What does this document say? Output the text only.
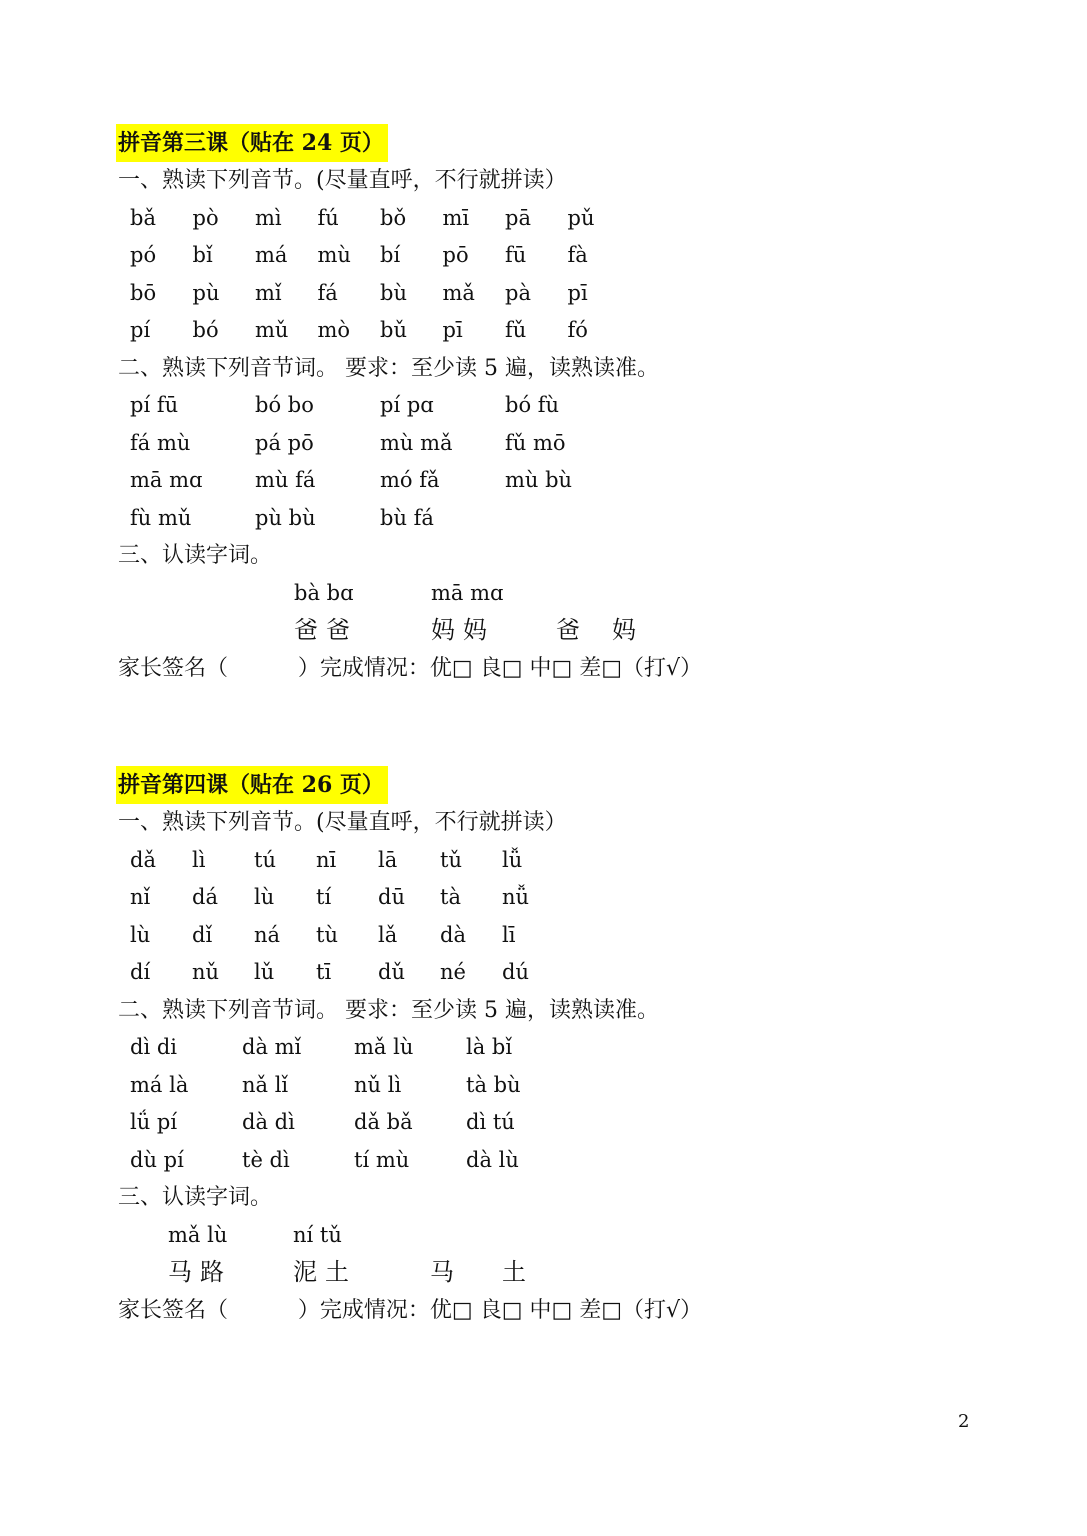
拼音第三课（贴在 24 页）
一、熟读下列音节。(尽量直呼，不行就拼读）
bǎ	pò	mì	fú	bǒ	mī	pā	pǔ
pó	bǐ	má	mù	bí	pō	fū	fà
bō	pù	mǐ	fá	bù	mǎ	pà	pī
pí	bó	mǔ	mò	bǔ	pī	fǔ	fó
二、熟读下列音节词。 要求：至少读 5 遍，读熟读准。
pí fū	bó bo	pí pɑ	bó fù
fá mù	pá pō	mù mǎ	fǔ mō
mā mɑ	mù fá	mó fǎ	mù bù
fù mǔ	pù bù	bù fá
三、认读字词。
bà bɑ	mā mɑ
爸爸	妈妈	爸妈
家长签名（          ）完成情况：优□ 良□ 中□ 差□（打√）
拼音第四课（贴在 26 页）
一、熟读下列音节。(尽量直呼，不行就拼读）
dǎ	lì	tú	nī	lā	tǔ	lǚ
nǐ	dá	lù	tí	dū	tà	nǚ
lù	dǐ	ná	tù	lǎ	dà	lī
dí	nǔ	lǔ	tī	dǔ	né	dú
二、熟读下列音节词。 要求：至少读 5 遍，读熟读准。
dì di	dà mǐ	mǎ lù	là bǐ
má là	nǎ lǐ	nǔ lì	tà bù
lǘ pí	dà dì	dǎ bǎ	dì tú
dù pí	tè dì	tí mù	dà lù
三、认读字词。
mǎ lù	ní tǔ
马路	泥土	马土
家长签名（          ）完成情况：优□ 良□ 中□ 差□（打√）
2
